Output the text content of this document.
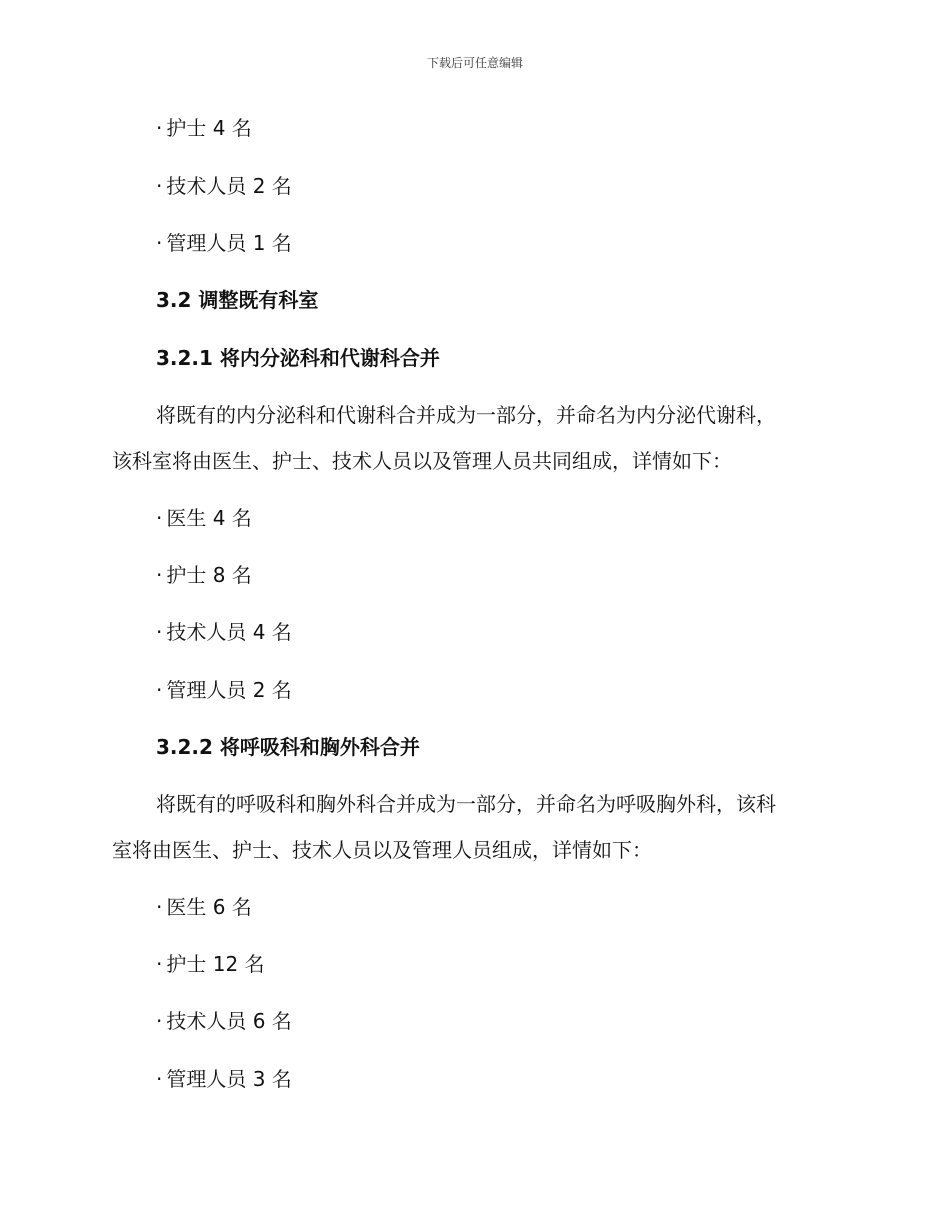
下载后可任意编辑
· 护士 4 名
· 技术人员 2 名
· 管理人员 1 名
3.2 调整既有科室
3.2.1 将内分泌科和代谢科合并
将既有的内分泌科和代谢科合并成为一部分，并命名为内分泌代谢科，
该科室将由医生、护士、技术人员以及管理人员共同组成，详情如下：
· 医生 4 名
· 护士 8 名
· 技术人员 4 名
· 管理人员 2 名
3.2.2 将呼吸科和胸外科合并
将既有的呼吸科和胸外科合并成为一部分，并命名为呼吸胸外科，该科
室将由医生、护士、技术人员以及管理人员组成，详情如下：
· 医生 6 名
· 护士 12 名
· 技术人员 6 名
· 管理人员 3 名
